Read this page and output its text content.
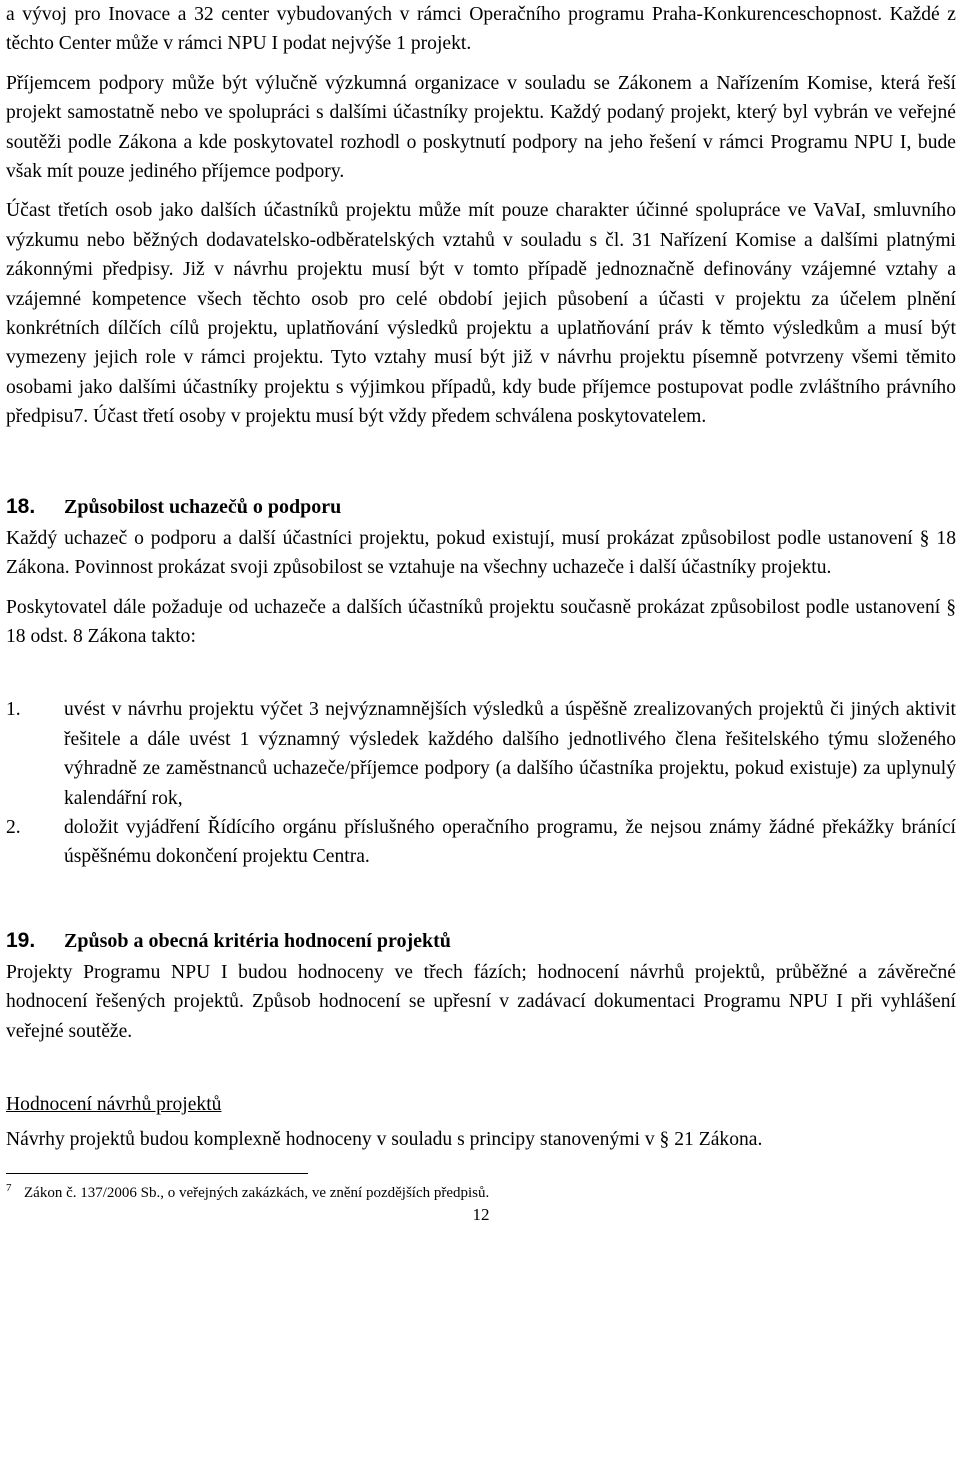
a vývoj pro Inovace a 32 center vybudovaných v rámci Operačního programu Praha-Konkurenceschopnost. Každé z těchto Center může v rámci NPU I podat nejvýše 1 projekt.

Příjemcem podpory může být výlučně výzkumná organizace v souladu se Zákonem a Nařízením Komise, která řeší projekt samostatně nebo ve spolupráci s dalšími účastníky projektu. Každý podaný projekt, který byl vybrán ve veřejné soutěži podle Zákona a kde poskytovatel rozhodl o poskytnutí podpory na jeho řešení v rámci Programu NPU I, bude však mít pouze jediného příjemce podpory.

Účast třetích osob jako dalších účastníků projektu může mít pouze charakter účinné spolupráce ve VaVaI, smluvního výzkumu nebo běžných dodavatelsko-odběratelských vztahů v souladu s čl. 31 Nařízení Komise a dalšími platnými zákonnými předpisy. Již v návrhu projektu musí být v tomto případě jednoznačně definovány vzájemné vztahy a vzájemné kompetence všech těchto osob pro celé období jejich působení a účasti v projektu za účelem plnění konkrétních dílčích cílů projektu, uplatňování výsledků projektu a uplatňování práv k těmto výsledkům a musí být vymezeny jejich role v rámci projektu. Tyto vztahy musí být již v návrhu projektu písemně potvrzeny všemi těmito osobami jako dalšími účastníky projektu s výjimkou případů, kdy bude příjemce postupovat podle zvláštního právního předpisu7. Účast třetí osoby v projektu musí být vždy předem schválena poskytovatelem.

18.	Způsobilost uchazečů o podporu

Každý uchazeč o podporu a další účastníci projektu, pokud existují, musí prokázat způsobilost podle ustanovení § 18 Zákona. Povinnost prokázat svoji způsobilost se vztahuje na všechny uchazeče i další účastníky projektu.

Poskytovatel dále požaduje od uchazeče a dalších účastníků projektu současně prokázat způsobilost podle ustanovení § 18 odst. 8 Zákona takto:

1.	uvést v návrhu projektu výčet 3 nejvýznamnějších výsledků a úspěšně zrealizovaných projektů či jiných aktivit řešitele a dále uvést 1 významný výsledek každého dalšího jednotlivého člena řešitelského týmu složeného výhradně ze zaměstnanců uchazeče/příjemce podpory (a dalšího účastníka projektu, pokud existuje) za uplynulý kalendářní rok,
2.	doložit vyjádření Řídícího orgánu příslušného operačního programu, že nejsou známy žádné překážky bránící úspěšnému dokončení projektu Centra.
19.	Způsob a obecná kritéria hodnocení projektů

Projekty Programu NPU I budou hodnoceny ve třech fázích; hodnocení návrhů projektů, průběžné a závěrečné hodnocení řešených projektů. Způsob hodnocení se upřesní v zadávací dokumentaci Programu NPU I při vyhlášení veřejné soutěže.

Hodnocení návrhů projektů

Návrhy projektů budou komplexně hodnoceny v souladu s principy stanovenými v § 21 Zákona.

7 Zákon č. 137/2006 Sb., o veřejných zakázkách, ve znění pozdějších předpisů.
12
